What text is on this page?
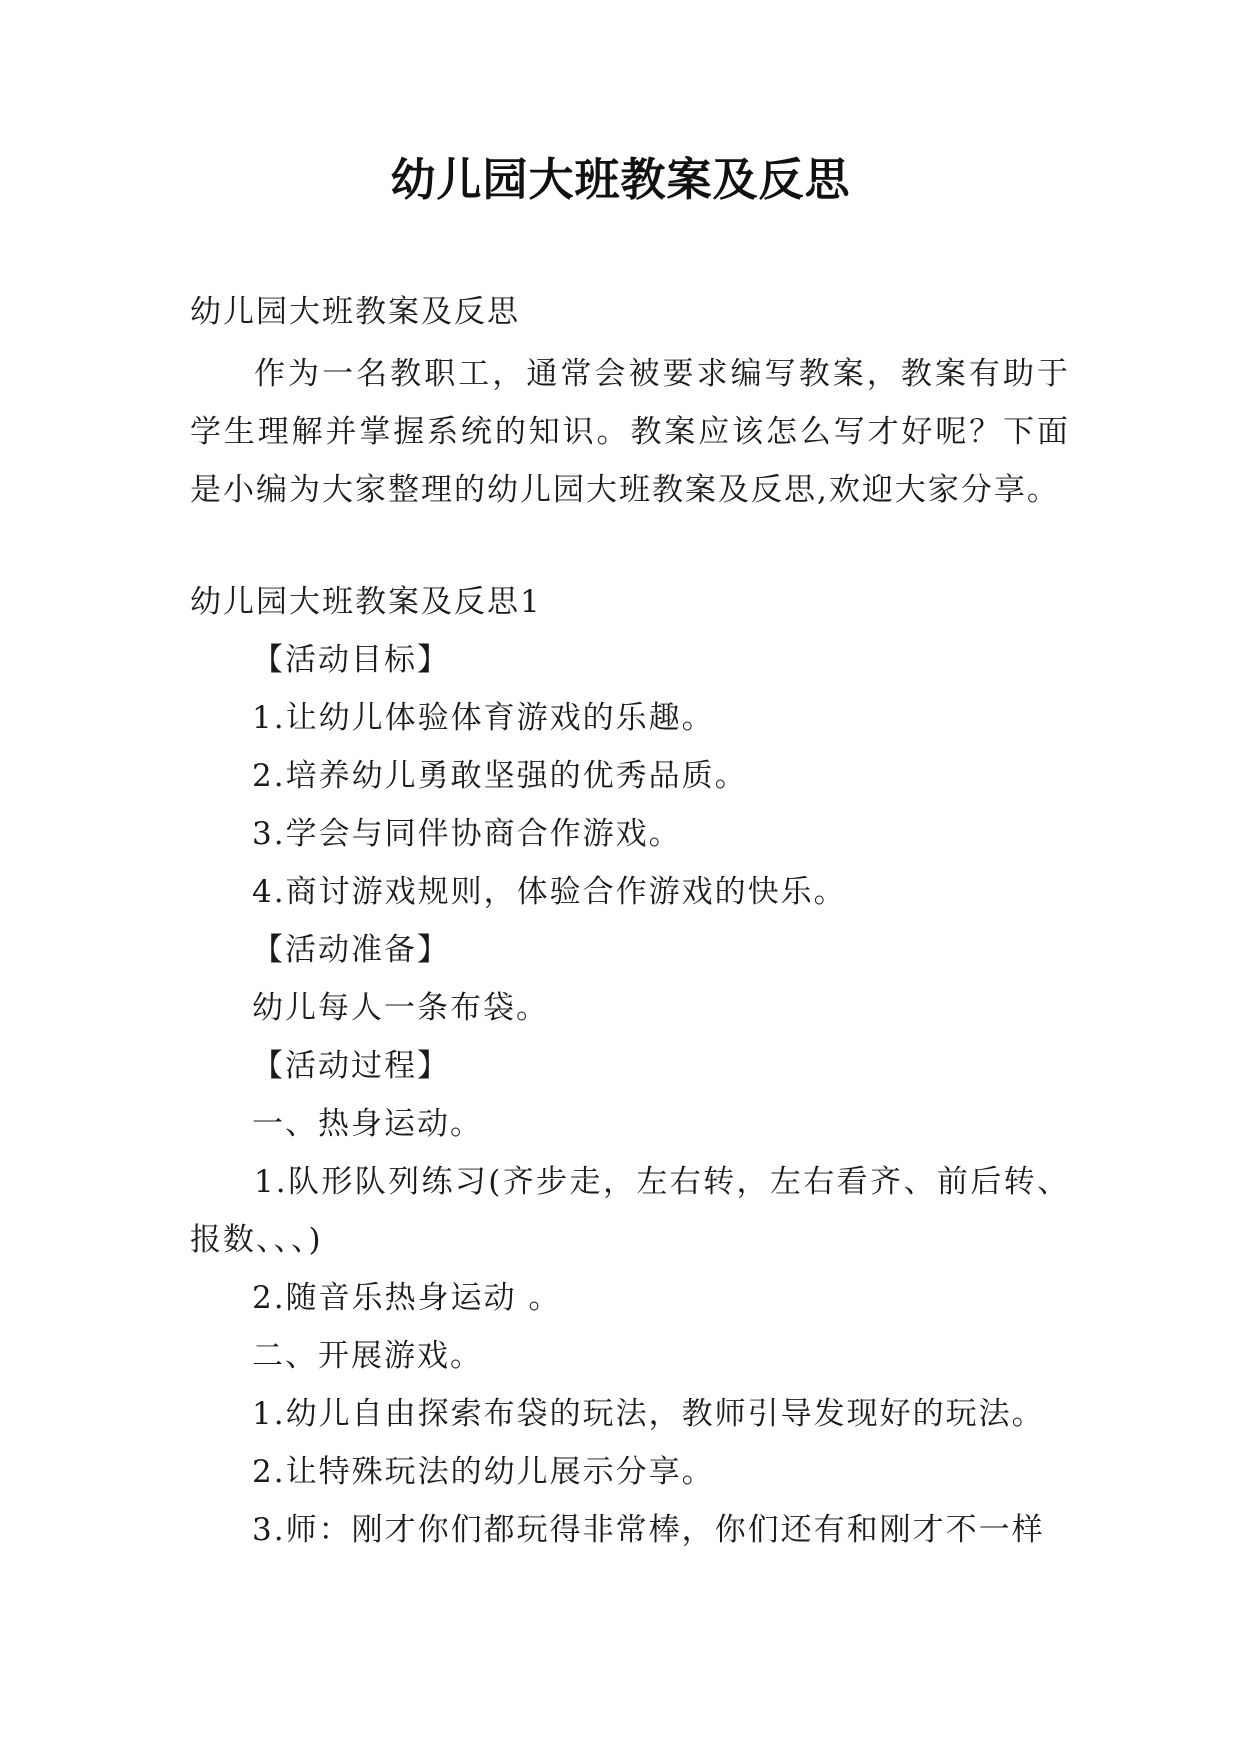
幼儿园大班教案及反思
幼儿园大班教案及反思

作为一名教职工，通常会被要求编写教案，教案有助于学生理解并掌握系统的知识。教案应该怎么写才好呢？下面是小编为大家整理的幼儿园大班教案及反思,欢迎大家分享。

幼儿园大班教案及反思1
【活动目标】
1.让幼儿体验体育游戏的乐趣。
2.培养幼儿勇敢坚强的优秀品质。
3.学会与同伴协商合作游戏。
4.商讨游戏规则，体验合作游戏的快乐。
【活动准备】
幼儿每人一条布袋。
【活动过程】
一、热身运动。

1.队形队列练习(齐步走，左右转，左右看齐、前后转、报数、、、)

2.随音乐热身运动 。
二、开展游戏。
1.幼儿自由探索布袋的玩法，教师引导发现好的玩法。
2.让特殊玩法的幼儿展示分享。
3.师：刚才你们都玩得非常棒，你们还有和刚才不一样
